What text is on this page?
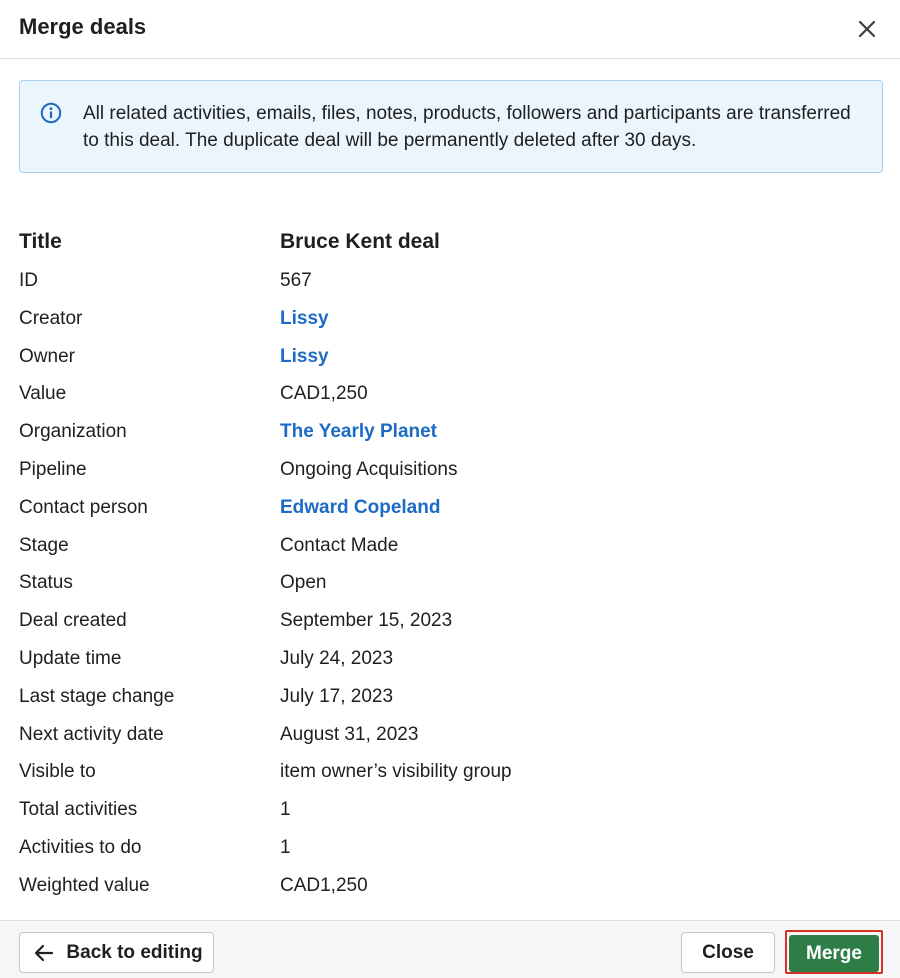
Merge deals
All related activities, emails, files, notes, products, followers and participants are transferred to this deal. The duplicate deal will be permanently deleted after 30 days.
Title	Bruce Kent deal
ID	567
Creator	Lissy
Owner	Lissy
Value	CAD1,250
Organization	The Yearly Planet
Pipeline	Ongoing Acquisitions
Contact person	Edward Copeland
Stage	Contact Made
Status	Open
Deal created	September 15, 2023
Update time	July 24, 2023
Last stage change	July 17, 2023
Next activity date	August 31, 2023
Visible to	item owner’s visibility group
Total activities	1
Activities to do	1
Weighted value	CAD1,250
Back to editing	Close	Merge
